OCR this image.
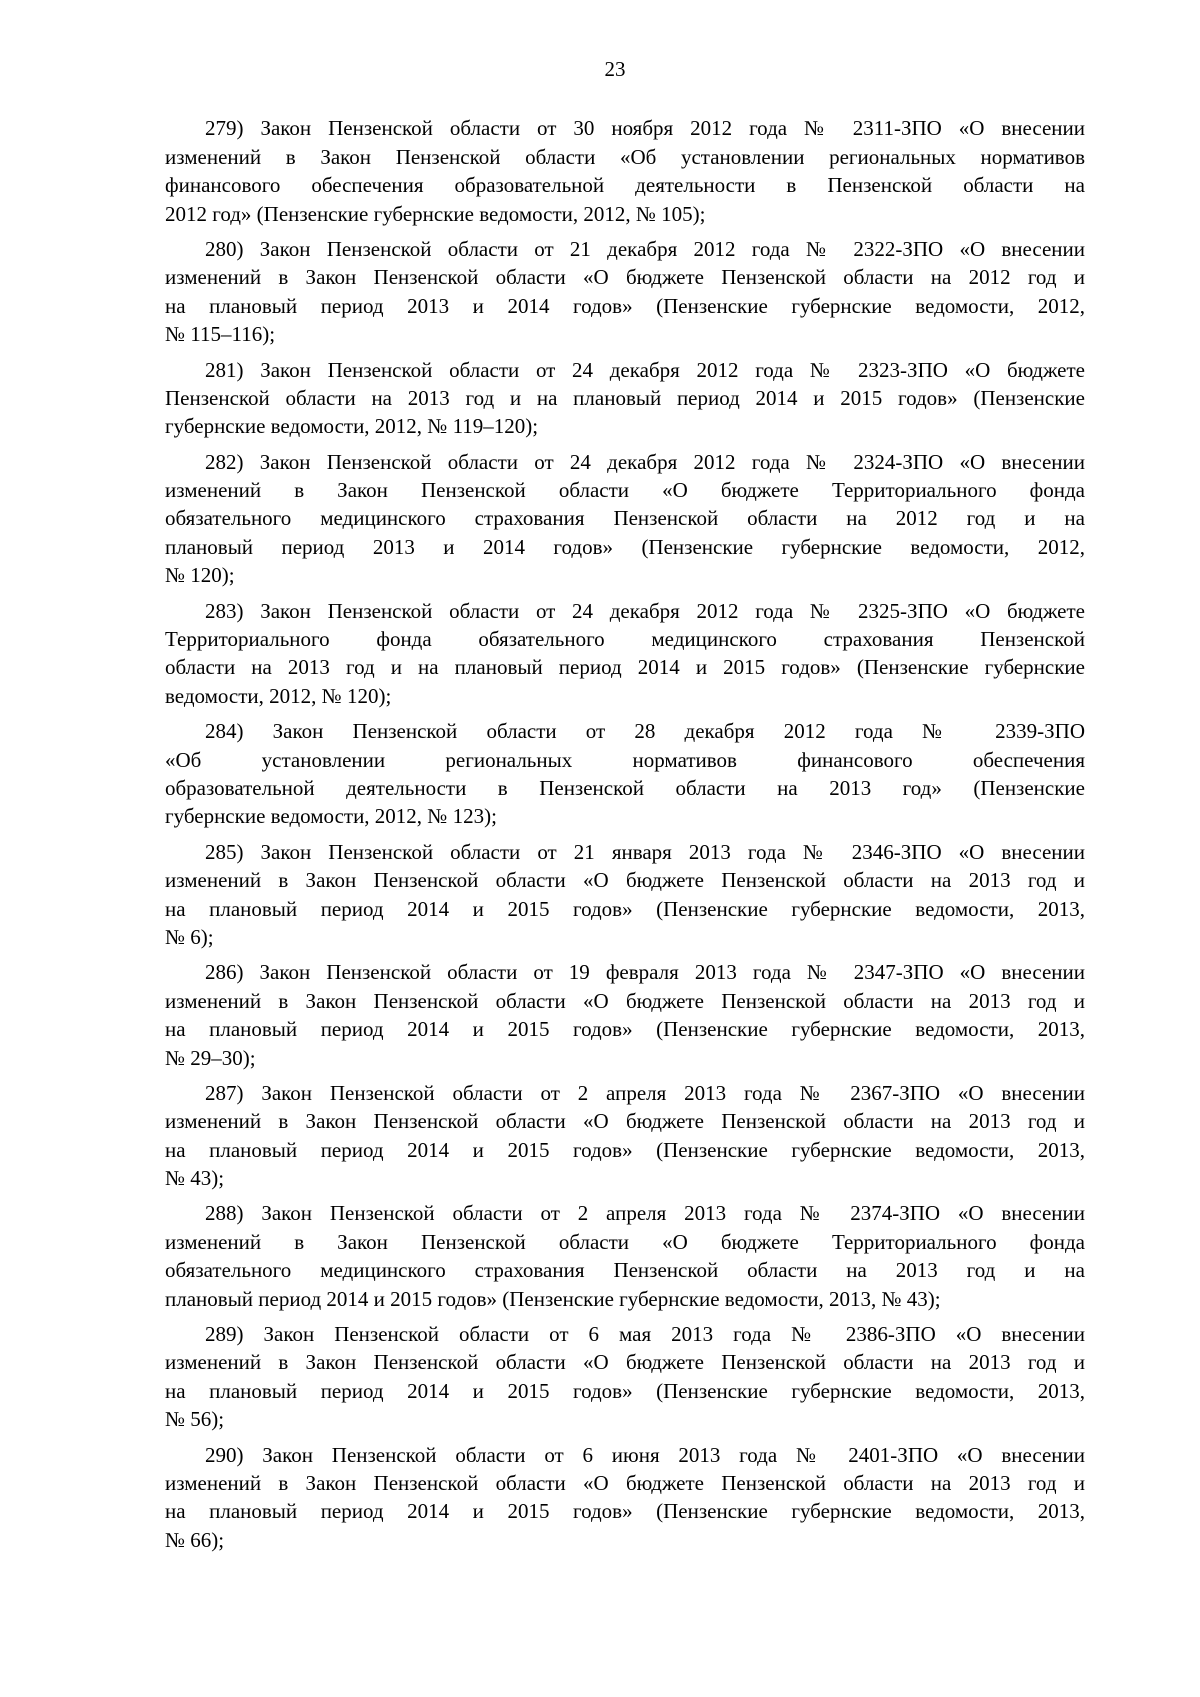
23

279) Закон Пензенской области от 30 ноября 2012 года № 2311-ЗПО «О внесении
изменений в Закон Пензенской области «Об установлении региональных нормативов
финансового обеспечения образовательной деятельности в Пензенской области на
2012 год» (Пензенские губернские ведомости, 2012, № 105);

280) Закон Пензенской области от 21 декабря 2012 года № 2322-ЗПО «О внесении
изменений в Закон Пензенской области «О бюджете Пензенской области на 2012 год и
на плановый период 2013 и 2014 годов» (Пензенские губернские ведомости, 2012,
№ 115–116);

281) Закон Пензенской области от 24 декабря 2012 года № 2323-ЗПО «О бюджете
Пензенской области на 2013 год и на плановый период 2014 и 2015 годов» (Пензенские
губернские ведомости, 2012, № 119–120);

282) Закон Пензенской области от 24 декабря 2012 года № 2324-ЗПО «О внесении
изменений в Закон Пензенской области «О бюджете Территориального фонда
обязательного медицинского страхования Пензенской области на 2012 год и на
плановый период 2013 и 2014 годов» (Пензенские губернские ведомости, 2012,
№ 120);

283) Закон Пензенской области от 24 декабря 2012 года № 2325-ЗПО «О бюджете
Территориального фонда обязательного медицинского страхования Пензенской
области на 2013 год и на плановый период 2014 и 2015 годов» (Пензенские губернские
ведомости, 2012, № 120);

284) Закон Пензенской области от 28 декабря 2012 года № 2339-ЗПО
«Об установлении региональных нормативов финансового обеспечения
образовательной деятельности в Пензенской области на 2013 год» (Пензенские
губернские ведомости, 2012, № 123);

285) Закон Пензенской области от 21 января 2013 года № 2346-ЗПО «О внесении
изменений в Закон Пензенской области «О бюджете Пензенской области на 2013 год и
на плановый период 2014 и 2015 годов» (Пензенские губернские ведомости, 2013,
№ 6);

286) Закон Пензенской области от 19 февраля 2013 года № 2347-ЗПО «О внесении
изменений в Закон Пензенской области «О бюджете Пензенской области на 2013 год и
на плановый период 2014 и 2015 годов» (Пензенские губернские ведомости, 2013,
№ 29–30);

287) Закон Пензенской области от 2 апреля 2013 года № 2367-ЗПО «О внесении
изменений в Закон Пензенской области «О бюджете Пензенской области на 2013 год и
на плановый период 2014 и 2015 годов» (Пензенские губернские ведомости, 2013,
№ 43);

288) Закон Пензенской области от 2 апреля 2013 года № 2374-ЗПО «О внесении
изменений в Закон Пензенской области «О бюджете Территориального фонда
обязательного медицинского страхования Пензенской области на 2013 год и на
плановый период 2014 и 2015 годов» (Пензенские губернские ведомости, 2013, № 43);

289) Закон Пензенской области от 6 мая 2013 года № 2386-ЗПО «О внесении
изменений в Закон Пензенской области «О бюджете Пензенской области на 2013 год и
на плановый период 2014 и 2015 годов» (Пензенские губернские ведомости, 2013,
№ 56);

290) Закон Пензенской области от 6 июня 2013 года № 2401-ЗПО «О внесении
изменений в Закон Пензенской области «О бюджете Пензенской области на 2013 год и
на плановый период 2014 и 2015 годов» (Пензенские губернские ведомости, 2013,
№ 66);
